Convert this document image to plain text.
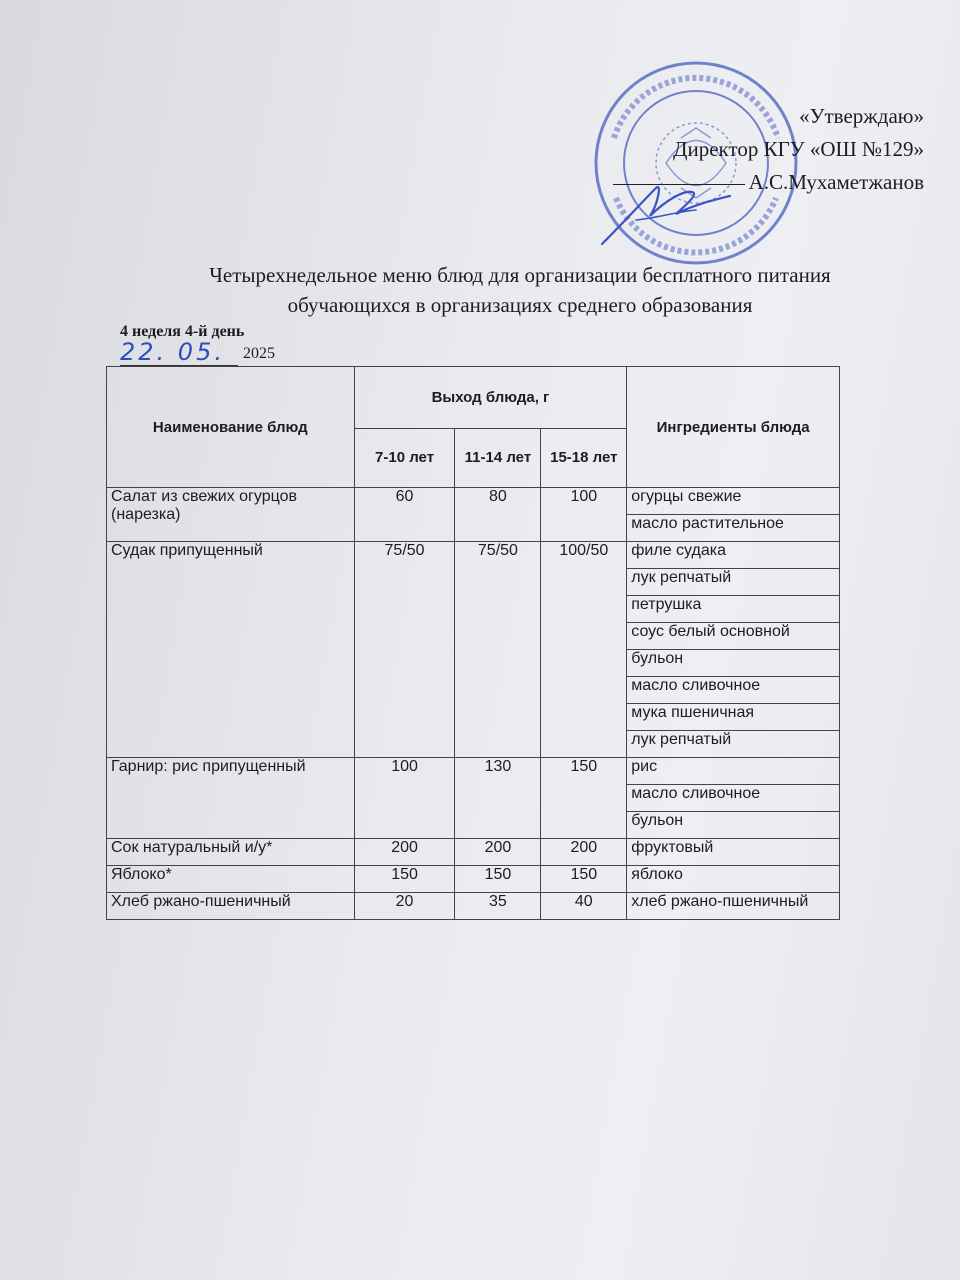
«Утверждаю»
Директор КГУ «ОШ №129»
А.С.Мухаметжанов
Четырехнедельное меню блюд для организации бесплатного питания
обучающихся в организациях среднего образования
4 неделя 4-й день
22. 05. 2025
Наименование блюд	Выход блюда, г			Ингредиенты блюда
	7-10 лет	11-14 лет	15-18 лет	
Салат из свежих огурцов (нарезка)	60	80	100	огурцы свежие
				масло растительное
Судак припущенный	75/50	75/50	100/50	филе судака
				лук репчатый
				петрушка
				соус белый основной
				бульон
				масло сливочное
				мука пшеничная
				лук репчатый
Гарнир: рис припущенный	100	130	150	рис
				масло сливочное
				бульон
Сок натуральный и/у*	200	200	200	фруктовый
Яблоко*	150	150	150	яблоко
Хлеб ржано-пшеничный	20	35	40	хлеб ржано-пшеничный
